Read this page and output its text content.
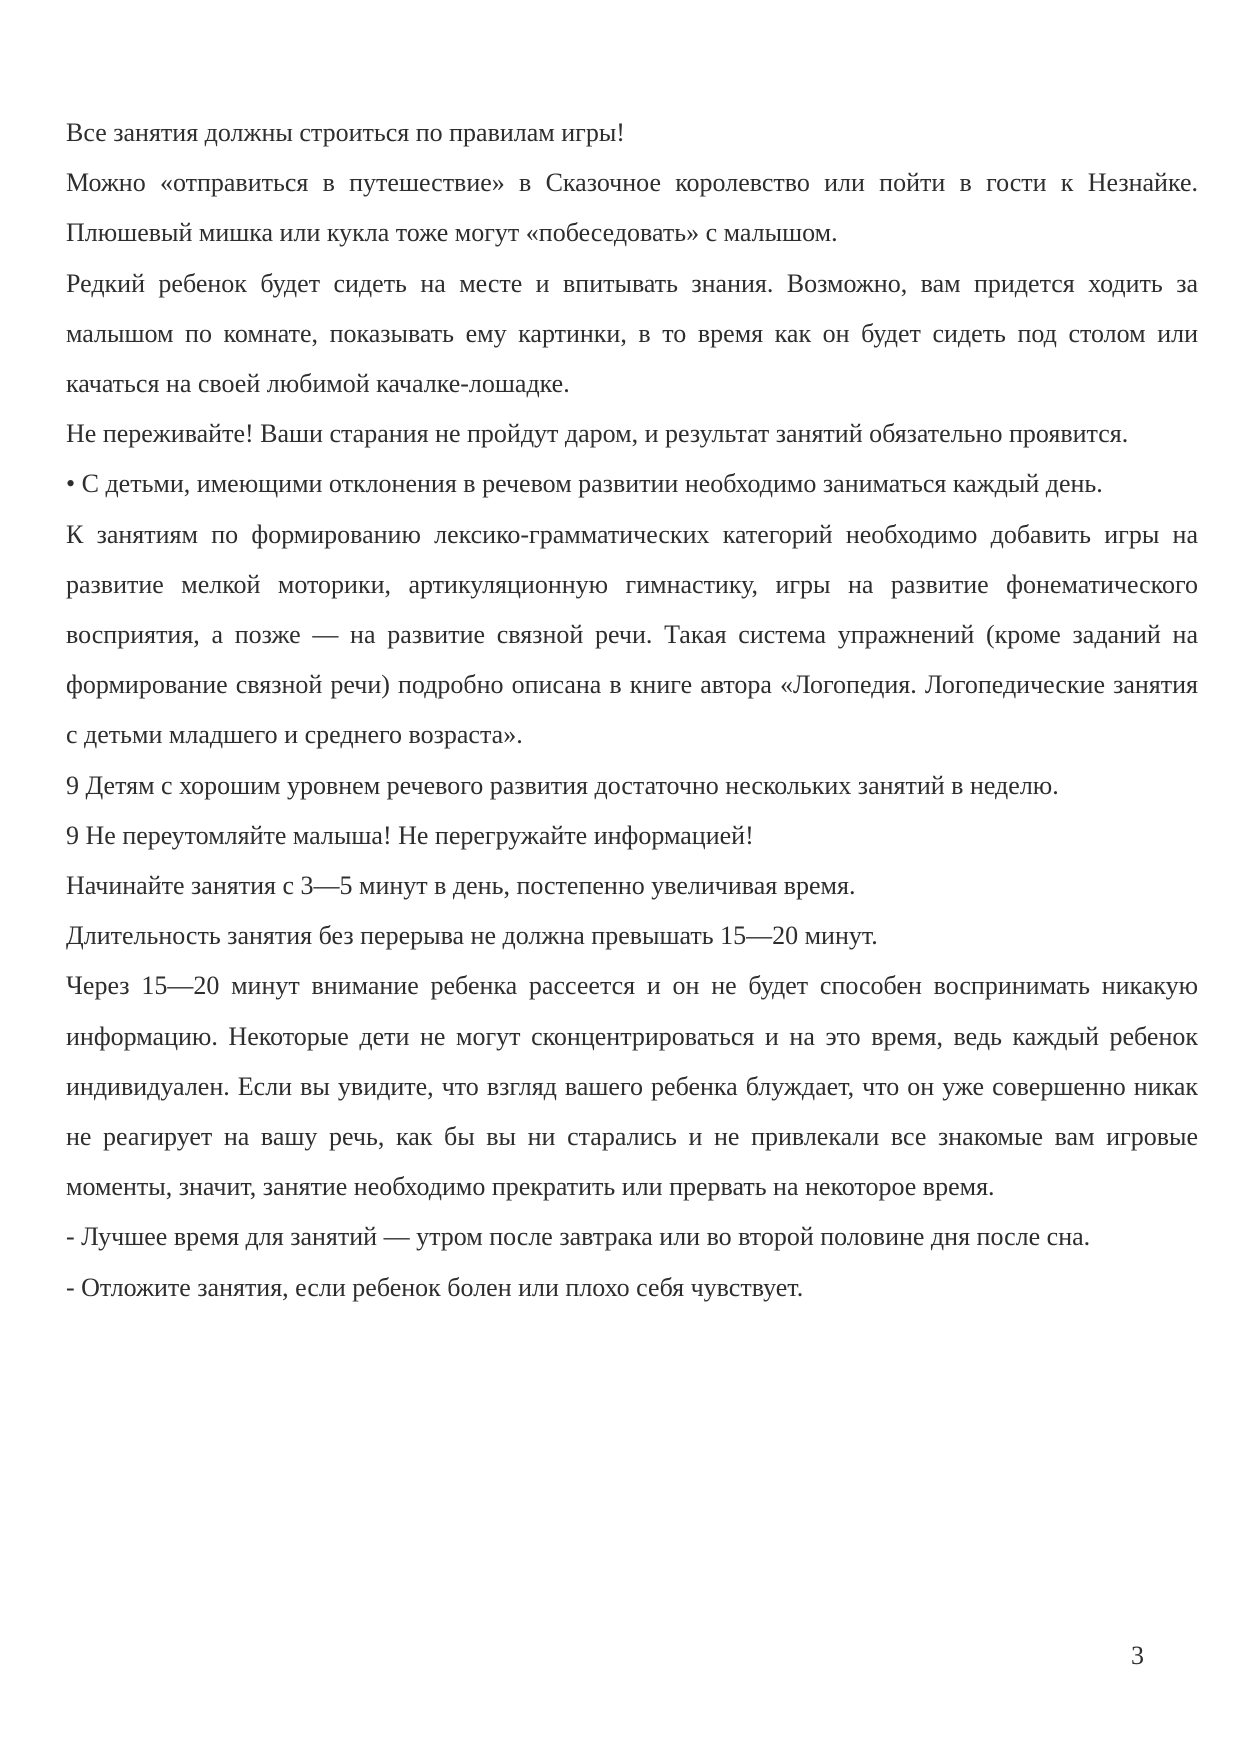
Все занятия должны строиться по правилам игры!

Можно «отправиться в путешествие» в Сказочное королевство или пойти в гости к Незнайке. Плюшевый мишка или кукла тоже могут «побеседовать» с малышом.

Редкий ребенок будет сидеть на месте и впитывать знания. Возможно, вам придется ходить за малышом по комнате, показывать ему картинки, в то время как он будет сидеть под столом или качаться на своей любимой качалке-лошадке.

Не переживайте! Ваши старания не пройдут даром, и результат занятий обязательно проявится.

• С детьми, имеющими отклонения в речевом развитии необходимо заниматься каждый день.

К занятиям по формированию лексико-грамматических категорий необходимо добавить игры на развитие мелкой моторики, артикуляционную гимнастику, игры на развитие фонематического восприятия, а позже — на развитие связной речи. Такая система упражнений (кроме заданий на формирование связной речи) подробно описана в книге автора «Логопедия. Логопедические занятия с детьми младшего и среднего возраста».

9 Детям с хорошим уровнем речевого развития достаточно нескольких занятий в неделю.

9 Не переутомляйте малыша! Не перегружайте информацией!

Начинайте занятия с 3—5 минут в день, постепенно увеличивая время.

Длительность занятия без перерыва не должна превышать 15—20 минут.

Через 15—20 минут внимание ребенка рассеется и он не будет способен воспринимать никакую информацию. Некоторые дети не могут сконцентрироваться и на это время, ведь каждый ребенок индивидуален. Если вы увидите, что взгляд вашего ребенка блуждает, что он уже совершенно никак не реагирует на вашу речь, как бы вы ни старались и не привлекали все знакомые вам игровые моменты, значит, занятие необходимо прекратить или прервать на некоторое время.

- Лучшее время для занятий — утром после завтрака или во второй половине дня после сна.

- Отложите занятия, если ребенок болен или плохо себя чувствует.

3
